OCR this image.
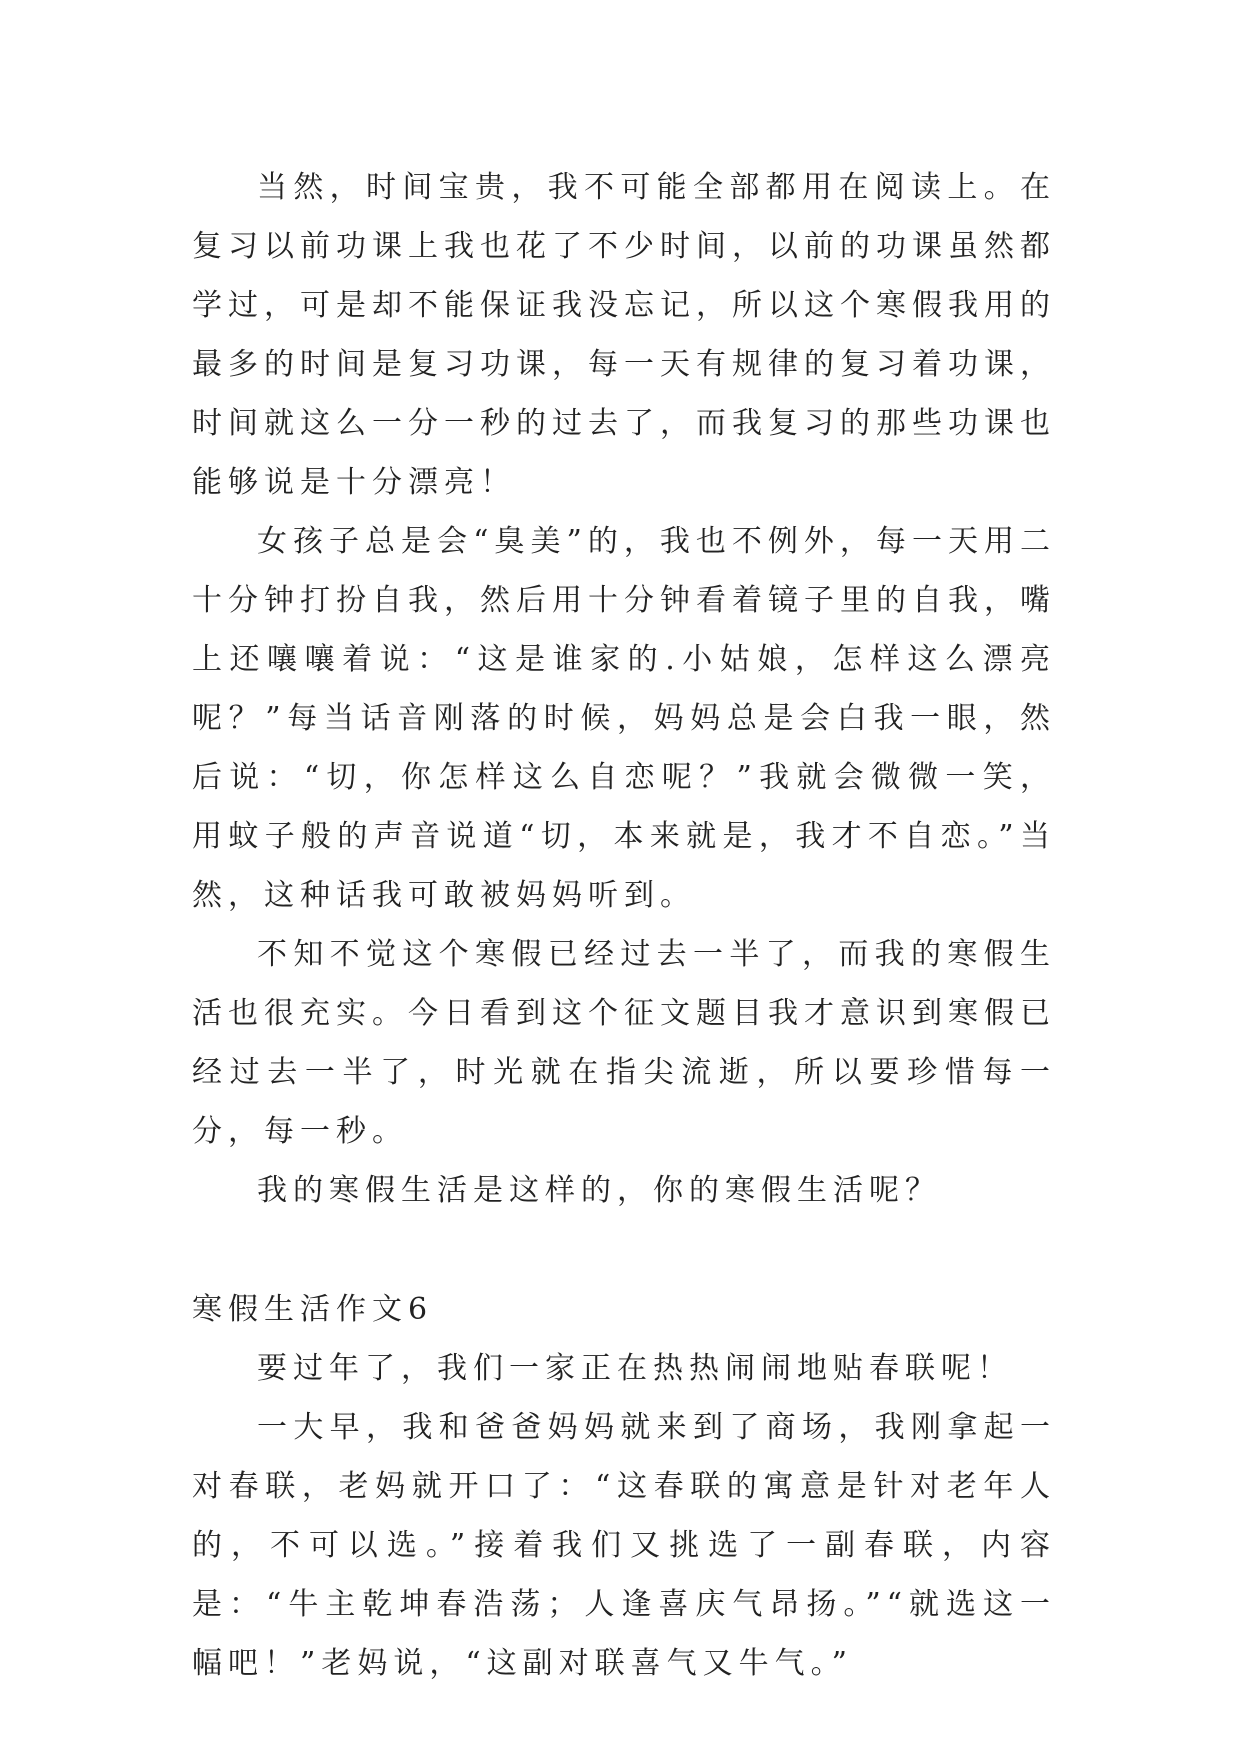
当然，时间宝贵，我不可能全部都用在阅读上。在复习以前功课上我也花了不少时间，以前的功课虽然都学过，可是却不能保证我没忘记，所以这个寒假我用的最多的时间是复习功课，每一天有规律的复习着功课，时间就这么一分一秒的过去了，而我复习的那些功课也能够说是十分漂亮！

女孩子总是会“臭美”的，我也不例外，每一天用二十分钟打扮自我，然后用十分钟看着镜子里的自我，嘴上还嚷嚷着说：“这是谁家的.小姑娘，怎样这么漂亮呢？”每当话音刚落的时候，妈妈总是会白我一眼，然后说：“切，你怎样这么自恋呢？”我就会微微一笑，用蚊子般的声音说道“切，本来就是，我才不自恋。”当然，这种话我可敢被妈妈听到。

不知不觉这个寒假已经过去一半了，而我的寒假生活也很充实。今日看到这个征文题目我才意识到寒假已经过去一半了，时光就在指尖流逝，所以要珍惜每一分，每一秒。

我的寒假生活是这样的，你的寒假生活呢？

寒假生活作文6

要过年了，我们一家正在热热闹闹地贴春联呢！

一大早，我和爸爸妈妈就来到了商场，我刚拿起一对春联，老妈就开口了：“这春联的寓意是针对老年人的，不可以选。”接着我们又挑选了一副春联，内容是：“牛主乾坤春浩荡；人逢喜庆气昂扬。”“就选这一幅吧！”老妈说，“这副对联喜气又牛气。”
